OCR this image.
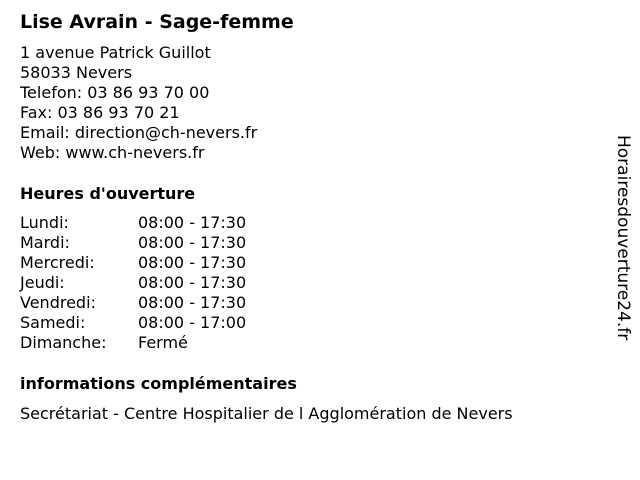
Lise Avrain - Sage-femme
1 avenue Patrick Guillot
58033 Nevers
Telefon: 03 86 93 70 00
Fax: 03 86 93 70 21
Email: direction@ch-nevers.fr
Web: www.ch-nevers.fr
Heures d'ouverture
Lundi:	08:00 - 17:30
Mardi:	08:00 - 17:30
Mercredi:	08:00 - 17:30
Jeudi:	08:00 - 17:30
Vendredi:	08:00 - 17:30
Samedi:	08:00 - 17:00
Dimanche: Fermé
informations complémentaires
Secrétariat - Centre Hospitalier de l Agglomération de Nevers
Horairesdouverture24.fr
